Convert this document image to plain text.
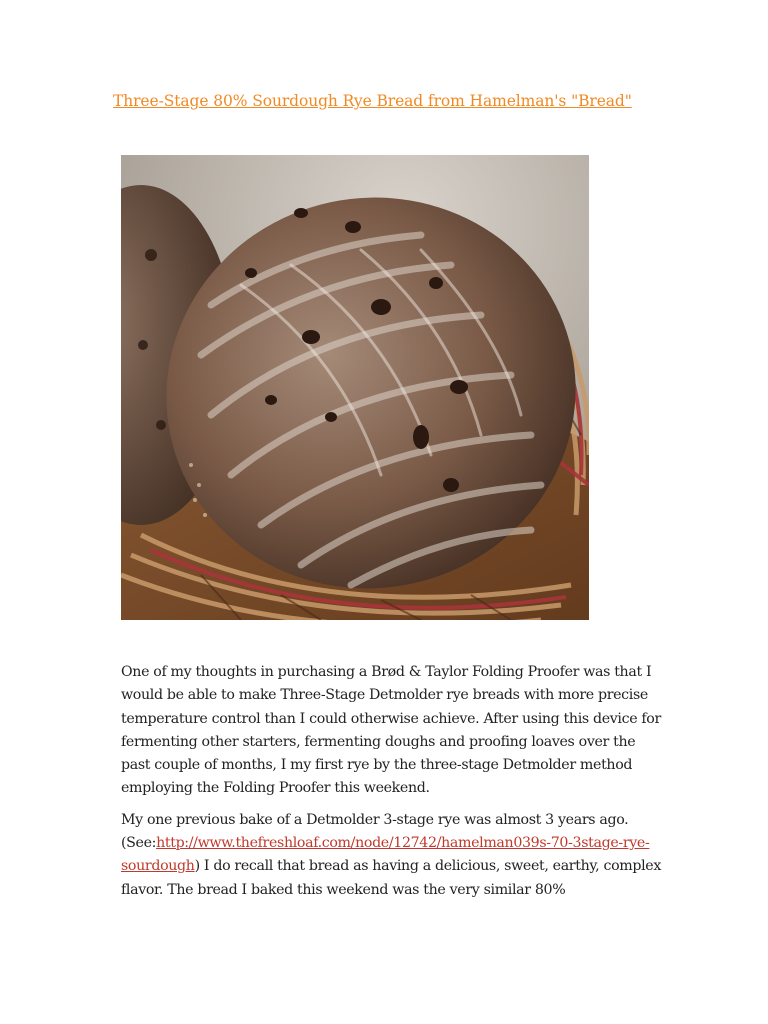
Three-Stage 80% Sourdough Rye Bread from Hamelman's "Bread"

One of my thoughts in purchasing a Brød & Taylor Folding Proofer was that I would be able to make Three-Stage Detmolder rye breads with more precise temperature control than I could otherwise achieve. After using this device for fermenting other starters, fermenting doughs and proofing loaves over the past couple of months, I my first rye by the three-stage Detmolder method employing the Folding Proofer this weekend.

My one previous bake of a Detmolder 3-stage rye was almost 3 years ago. (See:http://www.thefreshloaf.com/node/12742/hamelman039s-70-3stage-rye-sourdough) I do recall that bread as having a delicious, sweet, earthy, complex flavor. The bread I baked this weekend was the very similar 80%
